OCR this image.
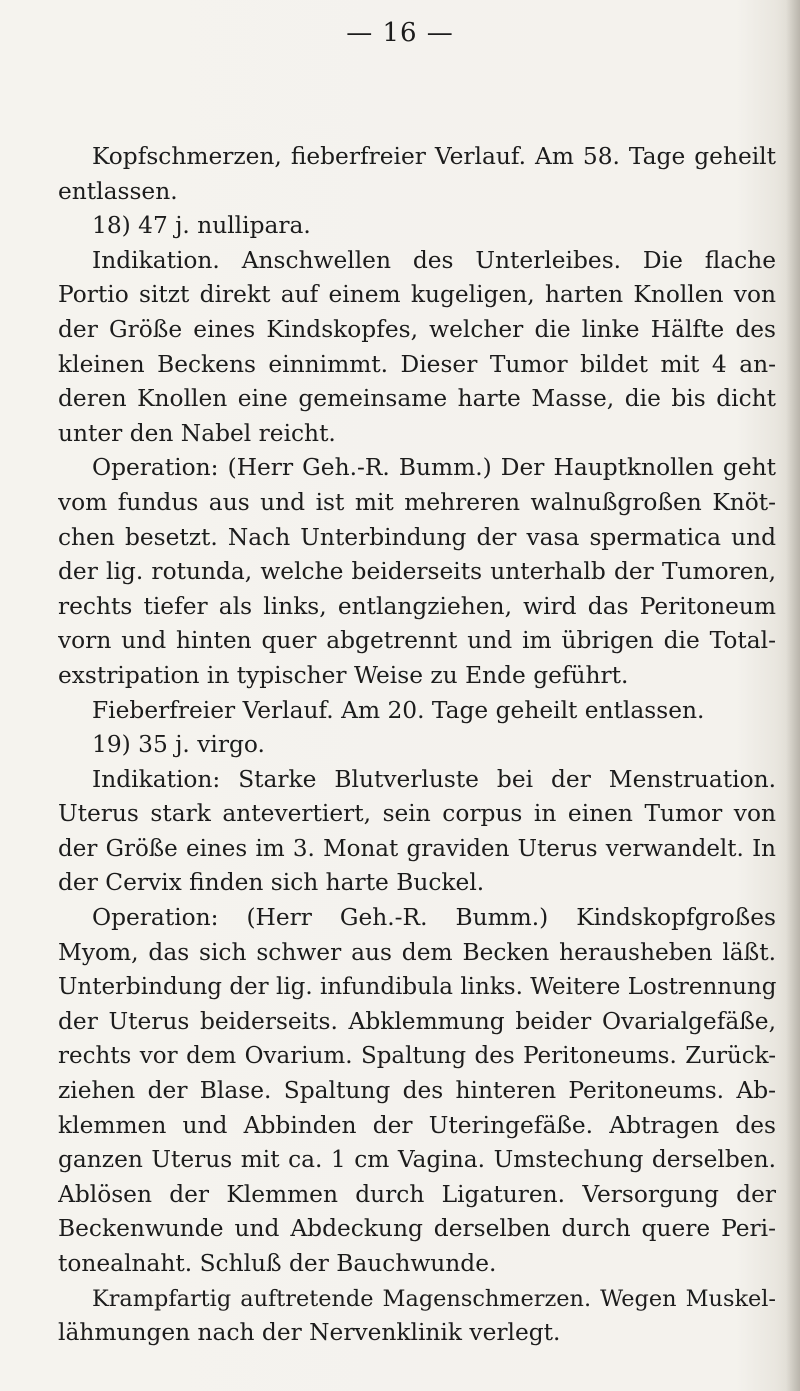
— 16 —
Kopfschmerzen, fieberfreier Verlauf. Am 58. Tage geheilt
entlassen.
18) 47 j. nullipara.
Indikation. Anschwellen des Unterleibes. Die flache
Portio sitzt direkt auf einem kugeligen, harten Knollen von
der Größe eines Kindskopfes, welcher die linke Hälfte des
kleinen Beckens einnimmt. Dieser Tumor bildet mit 4 an-
deren Knollen eine gemeinsame harte Masse, die bis dicht
unter den Nabel reicht.
Operation: (Herr Geh.-R. Bumm.) Der Hauptknollen geht
vom fundus aus und ist mit mehreren walnußgroßen Knöt-
chen besetzt. Nach Unterbindung der vasa spermatica und
der lig. rotunda, welche beiderseits unterhalb der Tumoren,
rechts tiefer als links, entlangziehen, wird das Peritoneum
vorn und hinten quer abgetrennt und im übrigen die Total-
exstripation in typischer Weise zu Ende geführt.
Fieberfreier Verlauf. Am 20. Tage geheilt entlassen.
19) 35 j. virgo.
Indikation: Starke Blutverluste bei der Menstruation.
Uterus stark antevertiert, sein corpus in einen Tumor von
der Größe eines im 3. Monat graviden Uterus verwandelt. In
der Cervix finden sich harte Buckel.
Operation: (Herr Geh.-R. Bumm.) Kindskopfgroßes
Myom, das sich schwer aus dem Becken herausheben läßt.
Unterbindung der lig. infundibula links. Weitere Lostrennung
der Uterus beiderseits. Abklemmung beider Ovarialgefäße,
rechts vor dem Ovarium. Spaltung des Peritoneums. Zurück-
ziehen der Blase. Spaltung des hinteren Peritoneums. Ab-
klemmen und Abbinden der Uteringefäße. Abtragen des
ganzen Uterus mit ca. 1 cm Vagina. Umstechung derselben.
Ablösen der Klemmen durch Ligaturen. Versorgung der
Beckenwunde und Abdeckung derselben durch quere Peri-
tonealnaht. Schluß der Bauchwunde.
Krampfartig auftretende Magenschmerzen. Wegen Muskel-
lähmungen nach der Nervenklinik verlegt.
